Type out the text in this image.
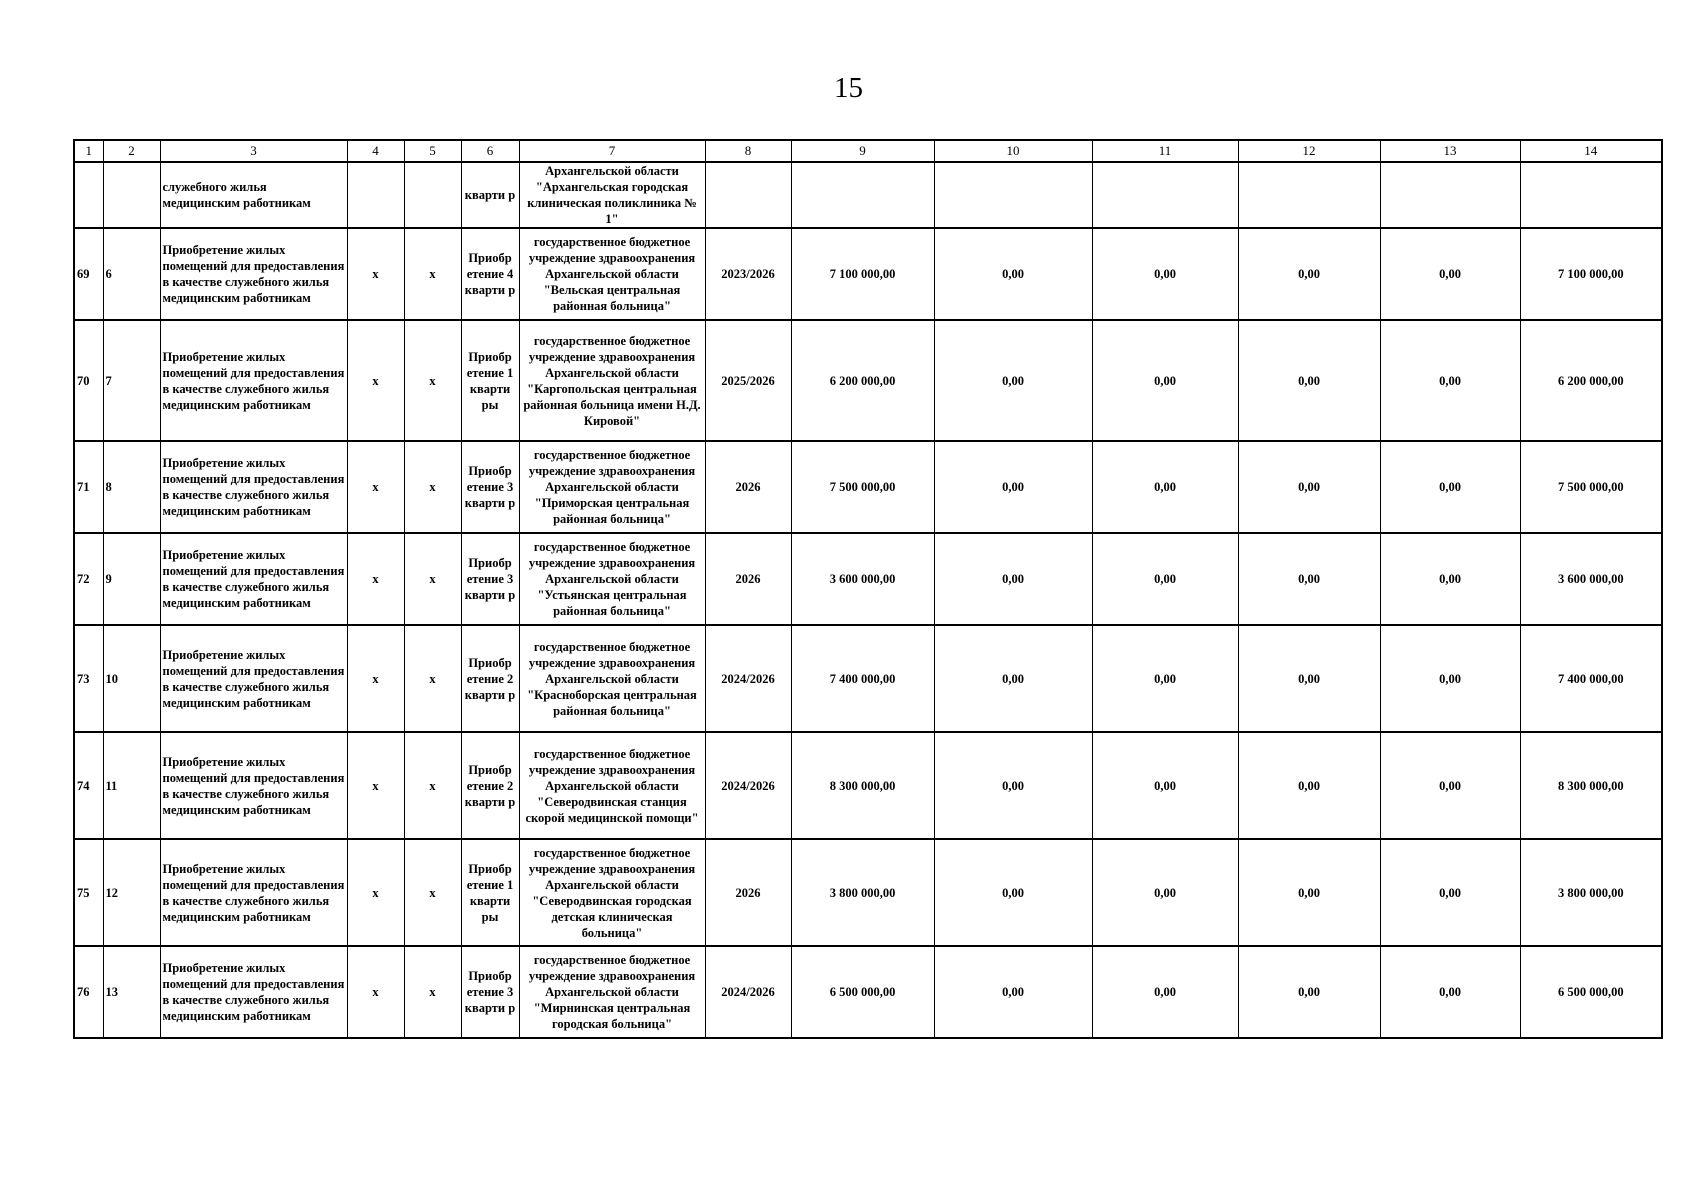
15
1	2	3	4	5	6	7	8	9	10	11	12	13	14
		служебного жилья медицинским работникам			кварти р	Архангельской области "Архангельская городская клиническая поликлиника № 1"							
69	6	Приобретение жилых помещений для предоставления в качестве служебного жилья медицинским работникам	х	х	Приобр етение 4 кварти р	государственное бюджетное учреждение здравоохранения Архангельской области "Вельская центральная районная больница"	2023/2026	7 100 000,00	0,00	0,00	0,00	0,00	7 100 000,00
70	7	Приобретение жилых помещений для предоставления в качестве служебного жилья медицинским работникам	х	х	Приобр етение 1 кварти ры	государственное бюджетное учреждение здравоохранения Архангельской области "Каргопольская центральная районная больница имени Н.Д. Кировой"	2025/2026	6 200 000,00	0,00	0,00	0,00	0,00	6 200 000,00
71	8	Приобретение жилых помещений для предоставления в качестве служебного жилья медицинским работникам	х	х	Приобр етение 3 кварти р	государственное бюджетное учреждение здравоохранения Архангельской области "Приморская центральная районная больница"	2026	7 500 000,00	0,00	0,00	0,00	0,00	7 500 000,00
72	9	Приобретение жилых помещений для предоставления в качестве служебного жилья медицинским работникам	х	х	Приобр етение 3 кварти р	государственное бюджетное учреждение здравоохранения Архангельской области "Устьянская центральная районная больница"	2026	3 600 000,00	0,00	0,00	0,00	0,00	3 600 000,00
73	10	Приобретение жилых помещений для предоставления в качестве служебного жилья медицинским работникам	х	х	Приобр етение 2 кварти р	государственное бюджетное учреждение здравоохранения Архангельской области "Красноборская центральная районная больница"	2024/2026	7 400 000,00	0,00	0,00	0,00	0,00	7 400 000,00
74	11	Приобретение жилых помещений для предоставления в качестве служебного жилья медицинским работникам	х	х	Приобр етение 2 кварти р	государственное бюджетное учреждение здравоохранения Архангельской области "Северодвинская станция скорой медицинской помощи"	2024/2026	8 300 000,00	0,00	0,00	0,00	0,00	8 300 000,00
75	12	Приобретение жилых помещений для предоставления в качестве служебного жилья медицинским работникам	х	х	Приобр етение 1 кварти ры	государственное бюджетное учреждение здравоохранения Архангельской области "Северодвинская городская детская клиническая больница"	2026	3 800 000,00	0,00	0,00	0,00	0,00	3 800 000,00
76	13	Приобретение жилых помещений для предоставления в качестве служебного жилья медицинским работникам	х	х	Приобр етение 3 кварти р	государственное бюджетное учреждение здравоохранения Архангельской области "Мирнинская центральная городская больница"	2024/2026	6 500 000,00	0,00	0,00	0,00	0,00	6 500 000,00
